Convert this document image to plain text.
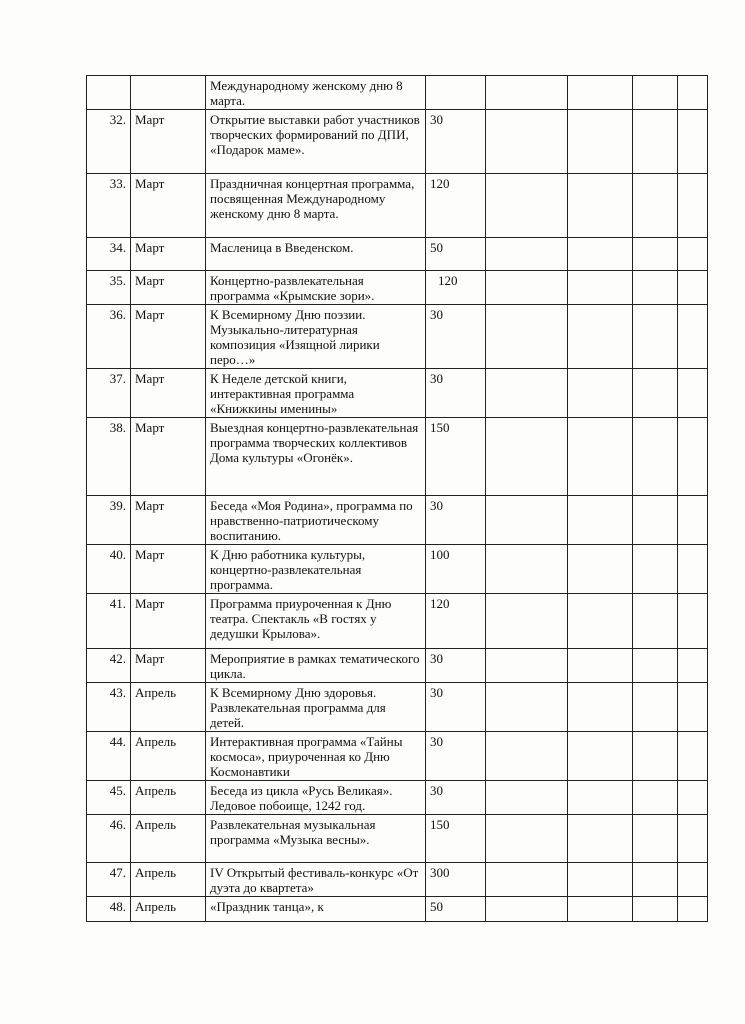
		Международному женскому дню 8 марта.					
32.	Март	Открытие выставки работ участников творческих формирований по ДПИ, «Подарок маме».	30				
33.	Март	Праздничная концертная программа, посвященная Международному женскому дню 8 марта.	120				
34.	Март	Масленица в Введенском.	50				
35.	Март	Концертно-развлекательная программа «Крымские зори».	120				
36.	Март	К Всемирному Дню поэзии. Музыкально-литературная композиция «Изящной лирики перо…»	30				
37.	Март	К Неделе детской книги, интерактивная программа «Книжкины именины»	30				
38.	Март	Выездная концертно-развлекательная программа творческих коллективов Дома культуры «Огонёк».	150				
39.	Март	Беседа «Моя Родина», программа по нравственно-патриотическому воспитанию.	30				
40.	Март	К Дню работника культуры, концертно-развлекательная программа.	100				
41.	Март	Программа приуроченная к Дню театра. Спектакль «В гостях у дедушки Крылова».	120				
42.	Март	Мероприятие в рамках тематического цикла.	30				
43.	Апрель	К Всемирному Дню здоровья. Развлекательная программа для детей.	30				
44.	Апрель	Интерактивная программа «Тайны космоса», приуроченная ко Дню Космонавтики	30				
45.	Апрель	Беседа из цикла «Русь Великая». Ледовое побоище, 1242 год.	30				
46.	Апрель	Развлекательная музыкальная программа «Музыка весны».	150				
47.	Апрель	IV Открытый фестиваль-конкурс «От дуэта до квартета»	300				
48.	Апрель	«Праздник танца», к	50				
